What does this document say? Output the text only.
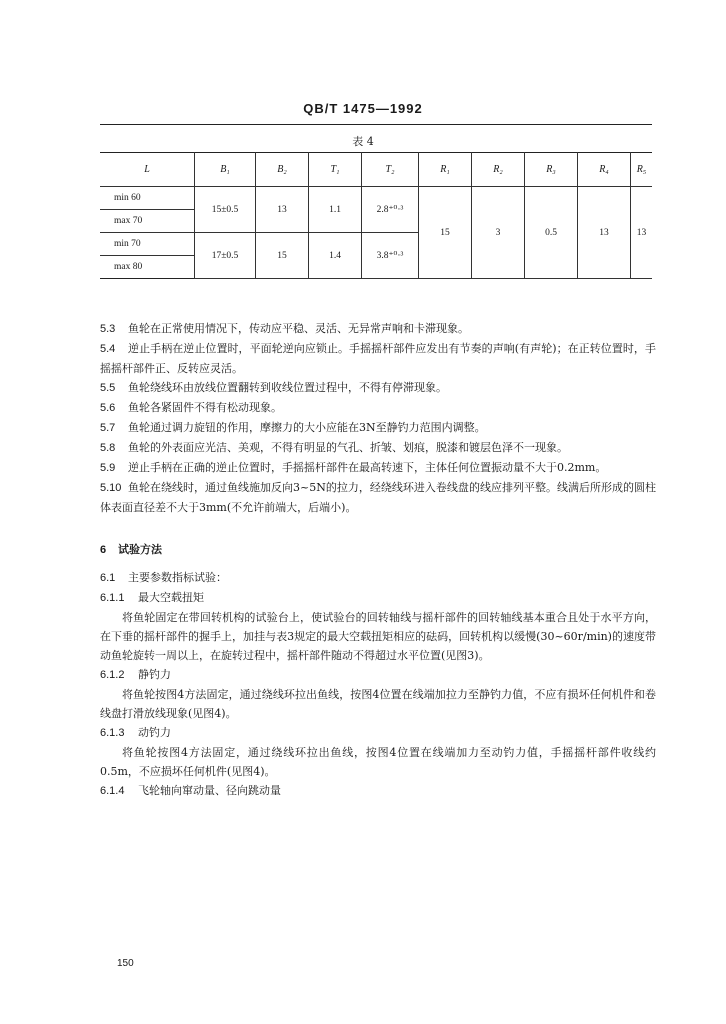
QB/T 1475—1992
表 4
L	B₁	B₂	T₁	T₂	R₁	R₂	R₃	R₄	R₅
min 60	15±0.5	13	1.1	2.8⁺⁰·³	15	3	0.5	13	13
max 70									
min 70	17±0.5	15	1.4	3.8⁺⁰·³					
max 80									

5.3 鱼轮在正常使用情况下，传动应平稳、灵活、无异常声响和卡滞现象。

5.4 逆止手柄在逆止位置时，平面轮逆向应锁止。手摇摇杆部件应发出有节奏的声响(有声轮)；在正转位置时，手摇摇杆部件正、反转应灵活。

5.5 鱼轮绕线环由放线位置翻转到收线位置过程中，不得有停滞现象。

5.6 鱼轮各紧固件不得有松动现象。

5.7 鱼轮通过调力旋钮的作用，摩擦力的大小应能在3N至静钓力范围内调整。

5.8 鱼轮的外表面应光洁、美观，不得有明显的气孔、折皱、划痕，脱漆和镀层色泽不一现象。

5.9 逆止手柄在正确的逆止位置时，手摇摇杆部件在最高转速下，主体任何位置振动量不大于0.2mm。

5.10 鱼轮在绕线时，通过鱼线施加反向3~5N的拉力，经绕线环进入卷线盘的线应排列平整。线满后所形成的圆柱体表面直径差不大于3mm(不允许前端大，后端小)。

6 试验方法

6.1 主要参数指标试验：

6.1.1 最大空载扭矩

将鱼轮固定在带回转机构的试验台上，使试验台的回转轴线与摇杆部件的回转轴线基本重合且处于水平方向，在下垂的摇杆部件的握手上，加挂与表3规定的最大空载扭矩相应的砝码，回转机构以缓慢(30~60r/min)的速度带动鱼轮旋转一周以上，在旋转过程中，摇杆部件随动不得超过水平位置(见图3)。

6.1.2 静钓力

将鱼轮按图4方法固定，通过绕线环拉出鱼线，按图4位置在线端加拉力至静钓力值，不应有损坏任何机件和卷线盘打滑放线现象(见图4)。

6.1.3 动钓力

将鱼轮按图4方法固定，通过绕线环拉出鱼线，按图4位置在线端加力至动钓力值，手摇摇杆部件收线约0.5m，不应损坏任何机件(见图4)。

6.1.4 飞轮轴向窜动量、径向跳动量

150
